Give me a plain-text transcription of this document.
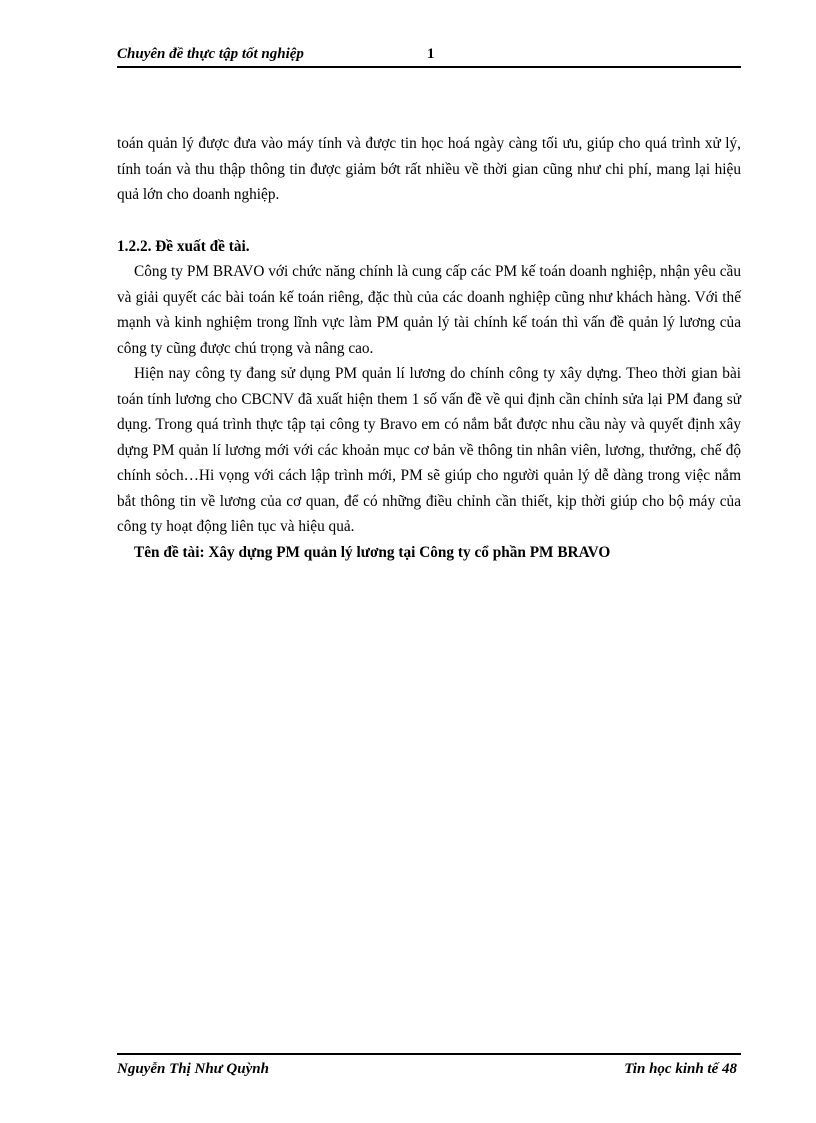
Chuyên đề thực tập tốt nghiệp	1

toán quản lý được đưa vào máy tính và được tin học hoá ngày càng tối ưu, giúp cho quá trình xử lý, tính toán và thu thập thông tin được giảm bớt rất nhiều về thời gian cũng như chi phí, mang lại hiệu quả lớn cho doanh nghiệp.

1.2.2. Đề xuất đề tài.

Công ty PM BRAVO với chức năng chính là cung cấp các PM kế toán doanh nghiệp, nhận yêu cầu và giải quyết các bài toán kế toán riêng, đặc thù của các doanh nghiệp cũng như khách hàng. Với thế mạnh và kinh nghiệm trong lĩnh vực làm PM quản lý tài chính kế toán thì vấn đề quản lý lương của công ty cũng được chú trọng và nâng cao.

Hiện nay công ty đang sử dụng PM quản lí lương do chính công ty xây dựng. Theo thời gian bài toán tính lương cho CBCNV đã xuất hiện them 1 số vấn đề về qui định cần chỉnh sửa lại PM đang sử dụng. Trong quá trình thực tập tại công ty Bravo em có nắm bắt được nhu cầu này và quyết định xây dựng PM quản lí lương mới với các khoản mục cơ bản về thông tin nhân viên, lương, thưởng, chế độ chính sỏch…Hi vọng với cách lập trình mới, PM sẽ giúp cho người quản lý dễ dàng trong việc nắm bắt thông tin về lương của cơ quan, để có những điều chỉnh cần thiết, kịp thời giúp cho bộ máy của công ty hoạt động liên tục và hiệu quả.

Tên đề tài: Xây dựng PM quản lý lương tại Công ty cổ phần PM BRAVO

Nguyễn Thị Như Quỳnh	Tin học kinh tế 48
